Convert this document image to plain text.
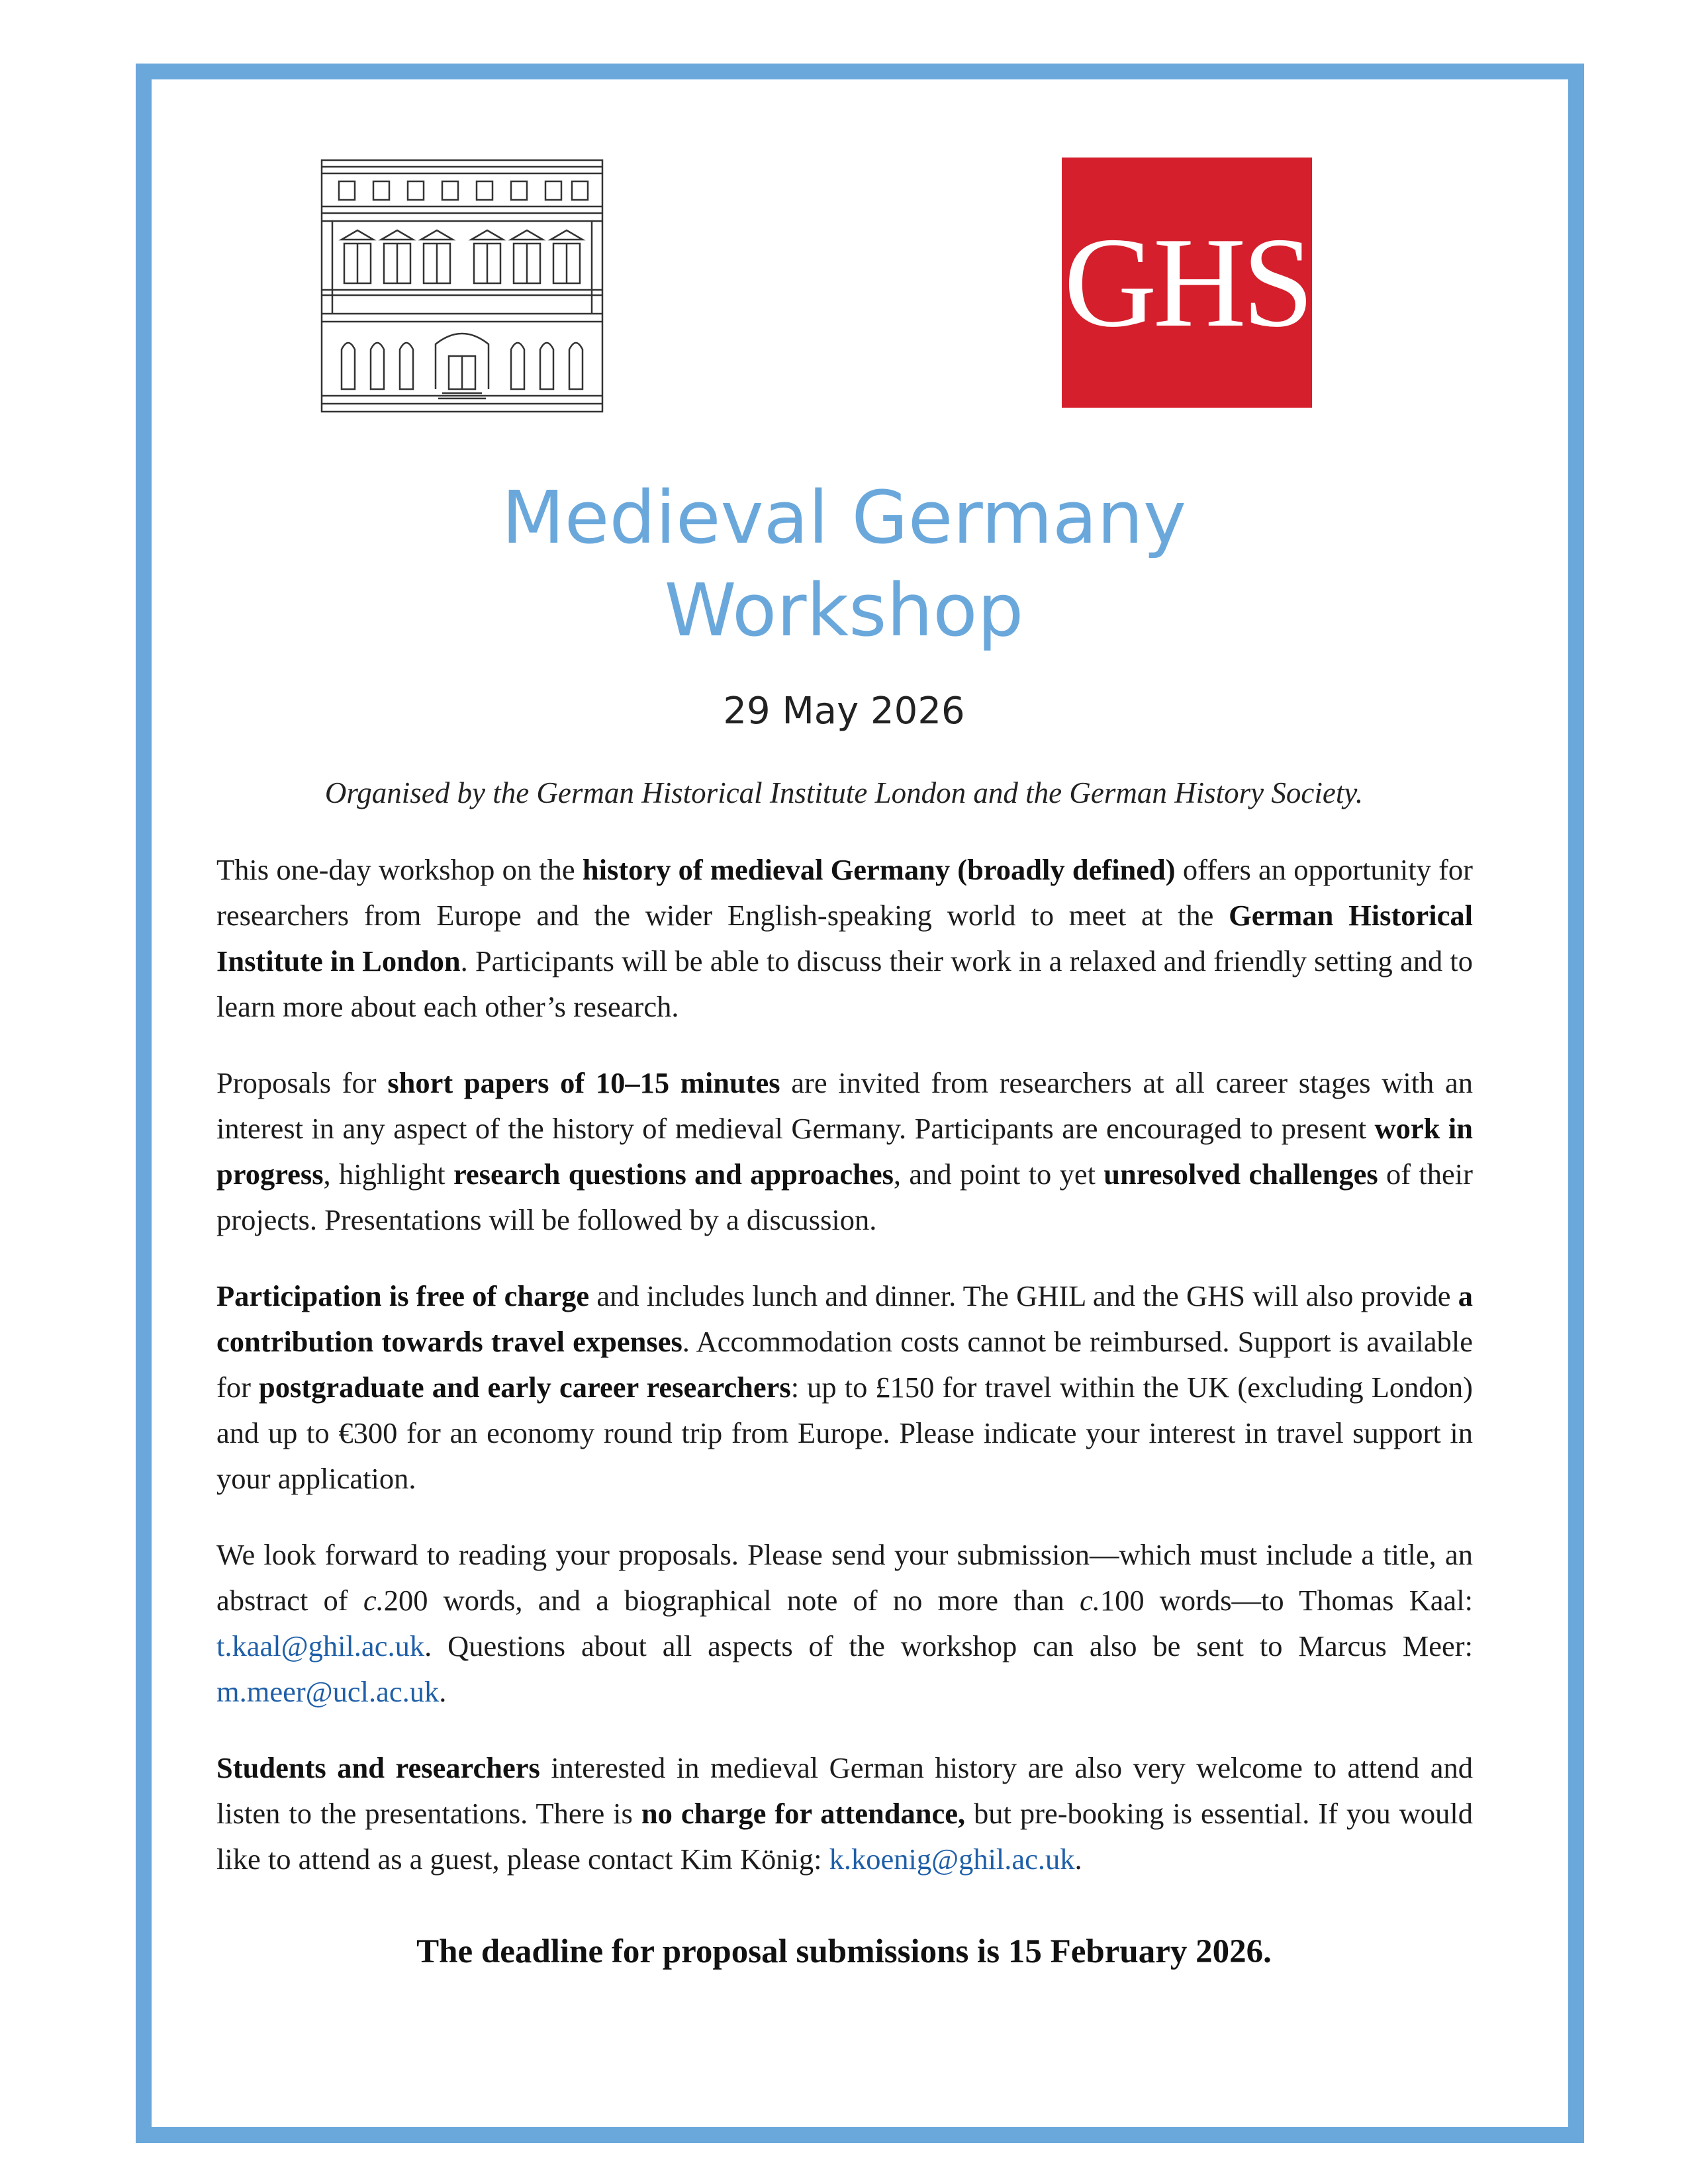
GHS
Medieval Germany
Workshop
29 May 2026
Organised by the German Historical Institute London and the German History Society.

This one-day workshop on the history of medieval Germany (broadly defined) offers an opportunity for researchers from Europe and the wider English-speaking world to meet at the German Historical Institute in London. Participants will be able to discuss their work in a relaxed and friendly setting and to learn more about each other’s research.

Proposals for short papers of 10–15 minutes are invited from researchers at all career stages with an interest in any aspect of the history of medieval Germany. Participants are encouraged to present work in progress, highlight research questions and approaches, and point to yet unresolved challenges of their projects. Presentations will be followed by a discussion.

Participation is free of charge and includes lunch and dinner. The GHIL and the GHS will also provide a contribution towards travel expenses. Accommodation costs cannot be reimbursed. Support is available for postgraduate and early career researchers: up to £150 for travel within the UK (excluding London) and up to €300 for an economy round trip from Europe. Please indicate your interest in travel support in your application.

We look forward to reading your proposals. Please send your submission—which must include a title, an abstract of c.200 words, and a biographical note of no more than c.100 words—to Thomas Kaal: t.kaal@ghil.ac.uk. Questions about all aspects of the workshop can also be sent to Marcus Meer: m.meer@ucl.ac.uk.

Students and researchers interested in medieval German history are also very welcome to attend and listen to the presentations. There is no charge for attendance, but pre-booking is essential. If you would like to attend as a guest, please contact Kim König: k.koenig@ghil.ac.uk.

The deadline for proposal submissions is 15 February 2026.
